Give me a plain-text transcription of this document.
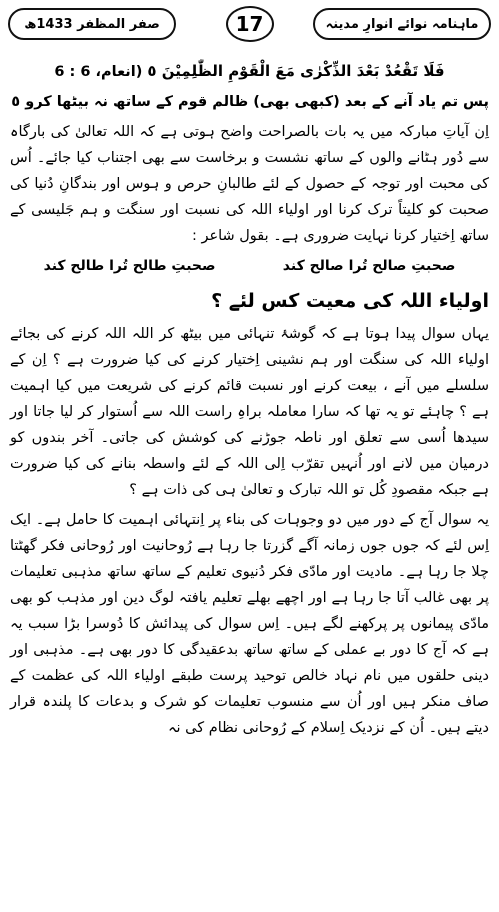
ماہنامہ نوائے انوارِ مدینہ
17
صفر المظفر 1433ھ

فَلَا تَقْعُدْ بَعْدَ الذِّكْرٰى مَعَ الْقَوْمِ الظّٰلِمِيْنَ ٥ (انعام، 6 : 6

پس تم یاد آنے کے بعد (کبھی بھی) ظالم قوم کے ساتھ نہ بیٹھا کرو ٥

اِن آیاتِ مبارکہ میں یہ بات بالصراحت واضح ہوتی ہے کہ اللہ تعالیٰ کی بارگاہ سے دُور ہٹانے والوں کے ساتھ نشست و برخاست سے بھی اجتناب کیا جائے۔ اُس کی محبت اور توجہ کے حصول کے لئے طالبانِ حرص و ہوس اور بندگانِ دُنیا کی صحبت کو کلیتاً ترک کرنا اور اولیاء اللہ کی نسبت اور سنگت و ہم جَلیسی کے ساتھ اِختیار کرنا نہایت ضروری ہے۔ بقول شاعر :

صحبتِ صالح تُرا صالح کند
صحبتِ طالح تُرا طالح کند
اولیاء اللہ کی معیت کس لئے ؟

یہاں سوال پیدا ہوتا ہے کہ گوشۂ تنہائی میں بیٹھ کر اللہ اللہ کرنے کی بجائے اولیاء اللہ کی سنگت اور ہم نشینی اِختیار کرنے کی کیا ضرورت ہے ؟ اِن کے سلسلے میں آنے ، بیعت کرنے اور نسبت قائم کرنے کی شریعت میں کیا اہمیت ہے ؟ چاہئے تو یہ تھا کہ سارا معاملہ براہِ راست اللہ سے اُستوار کر لیا جاتا اور سیدھا اُسی سے تعلق اور ناطہ جوڑنے کی کوشش کی جاتی۔ آخر بندوں کو درمیان میں لانے اور اُنہیں تقرّب اِلی اللہ کے لئے واسطہ بنانے کی کیا ضرورت ہے جبکہ مقصودِ کُل تو اللہ تبارک و تعالیٰ ہی کی ذات ہے ؟

یہ سوال آج کے دور میں دو وجوہات کی بناء پر اِنتہائی اہمیت کا حامل ہے۔ ایک اِس لئے کہ جوں جوں زمانہ آگے گزرتا جا رہا ہے رُوحانیت اور رُوحانی فکر گھٹتا چلا جا رہا ہے۔ مادیت اور مادّی فکر دُنیوی تعلیم کے ساتھ ساتھ مذہبی تعلیمات پر بھی غالب آتا جا رہا ہے اور اچھے بھلے تعلیم یافتہ لوگ دین اور مذہب کو بھی مادّی پیمانوں پر پرکھنے لگے ہیں۔ اِس سوال کی پیدائش کا دُوسرا بڑا سبب یہ ہے کہ آج کا دور بے عملی کے ساتھ ساتھ بدعقیدگی کا دور بھی ہے۔ مذہبی اور دینی حلقوں میں نام نہاد خالص توحید پرست طبقے اولیاء اللہ کی عظمت کے صاف منکر ہیں اور اُن سے منسوب تعلیمات کو شرک و بدعات کا پلندہ قرار دیتے ہیں۔ اُن کے نزدیک اِسلام کے رُوحانی نظام کی نہ
